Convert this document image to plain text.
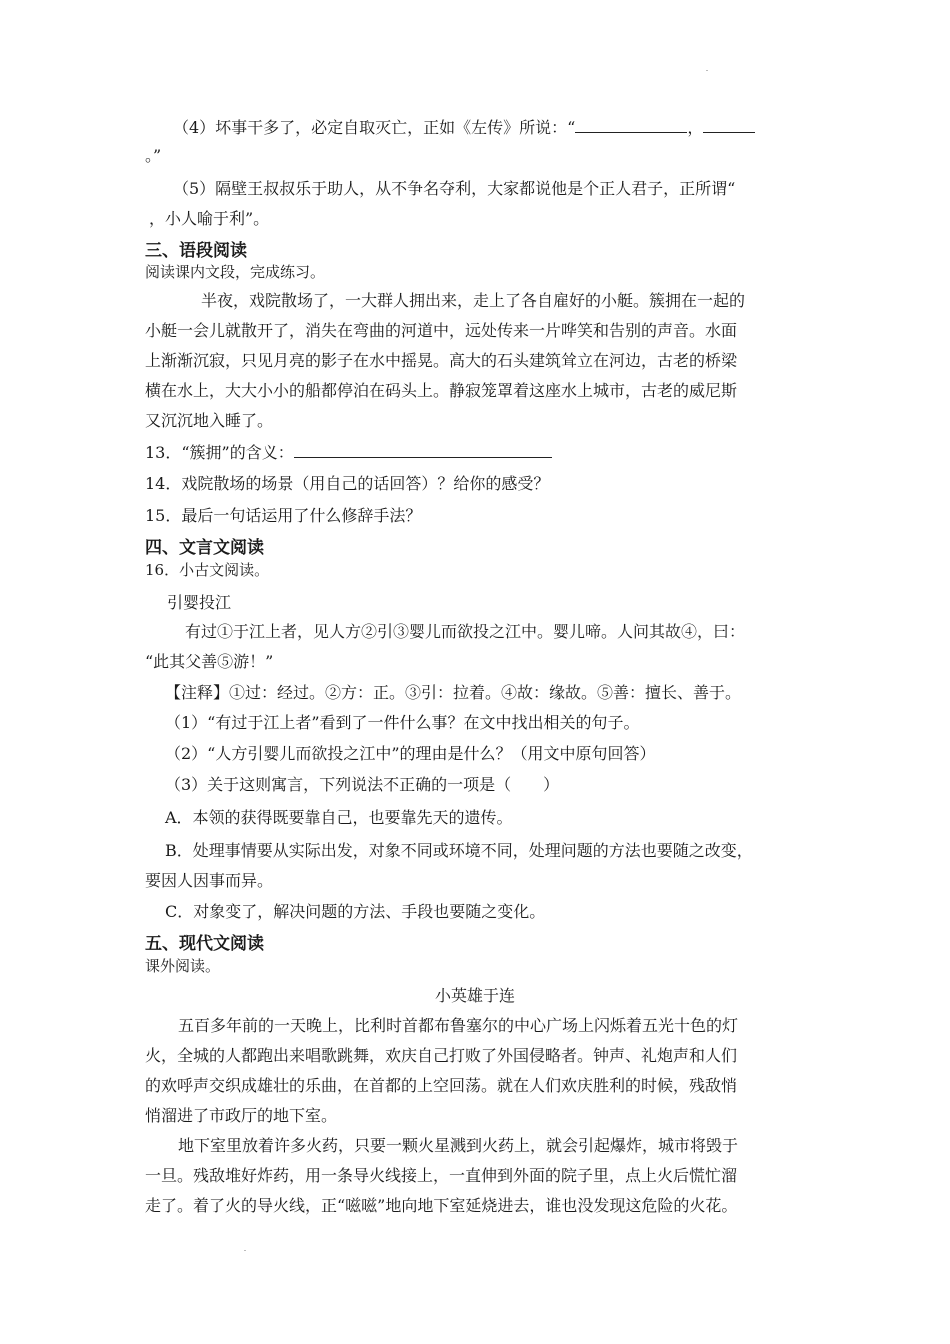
（4）坏事干多了，必定自取灭亡，正如《左传》所说：“	，
。”
（5）隔壁王叔叔乐于助人，从不争名夺利，大家都说他是个正人君子，正所谓“
，小人喻于利”。
三、语段阅读
阅读课内文段，完成练习。
半夜，戏院散场了，一大群人拥出来，走上了各自雇好的小艇。簇拥在一起的
小艇一会儿就散开了，消失在弯曲的河道中，远处传来一片哗笑和告别的声音。水面
上渐渐沉寂，只见月亮的影子在水中摇晃。高大的石头建筑耸立在河边，古老的桥梁
横在水上，大大小小的船都停泊在码头上。静寂笼罩着这座水上城市，古老的威尼斯
又沉沉地入睡了。
13．“簇拥”的含义：
14．戏院散场的场景（用自己的话回答）？给你的感受？
15．最后一句话运用了什么修辞手法？
四、文言文阅读
16．小古文阅读。
引婴投江
有过①于江上者，见人方②引③婴儿而欲投之江中。婴儿啼。人问其故④，曰：
“此其父善⑤游！”
【注释】①过：经过。②方：正。③引：拉着。④故：缘故。⑤善：擅长、善于。
（1）“有过于江上者”看到了一件什么事？在文中找出相关的句子。
（2）“人方引婴儿而欲投之江中”的理由是什么？（用文中原句回答）
（3）关于这则寓言，下列说法不正确的一项是（　　）
A．本领的获得既要靠自己，也要靠先天的遗传。
B．处理事情要从实际出发，对象不同或环境不同，处理问题的方法也要随之改变，
要因人因事而异。
C．对象变了，解决问题的方法、手段也要随之变化。
五、现代文阅读
课外阅读。
小英雄于连
五百多年前的一天晚上，比利时首都布鲁塞尔的中心广场上闪烁着五光十色的灯
火，全城的人都跑出来唱歌跳舞，欢庆自己打败了外国侵略者。钟声、礼炮声和人们
的欢呼声交织成雄壮的乐曲，在首都的上空回荡。就在人们欢庆胜利的时候，残敌悄
悄溜进了市政厅的地下室。
地下室里放着许多火药，只要一颗火星溅到火药上，就会引起爆炸，城市将毁于
一旦。残敌堆好炸药，用一条导火线接上，一直伸到外面的院子里，点上火后慌忙溜
走了。着了火的导火线，正“嗞嗞”地向地下室延烧进去，谁也没发现这危险的火花。
